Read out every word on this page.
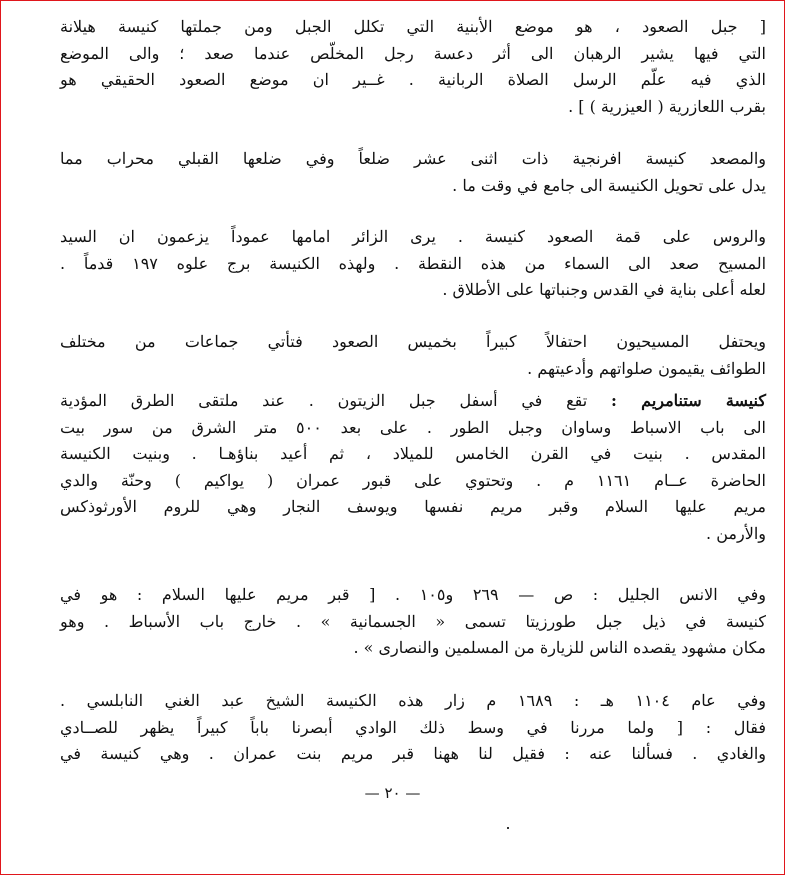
[ جبل الصعود ، هو موضع الأبنية التي تكلل الجبل ومن جملتها كنيسة هيلانة
التي فيها يشير الرهبان الى أثر دعسة رجل المخلّص عندما صعد ؛ والى الموضع
الذي فيه علّم الرسل الصلاة الربانية . غــير ان موضع الصعود الحقيقي هو
بقرب اللعازرية ( العيزرية ) ] .
والمصعد كنيسة افرنجية ذات اثنى عشر ضلعاً وفي ضلعها القبلي محراب مما
يدل على تحويل الكنيسة الى جامع في وقت ما .
والروس على قمة الصعود كنيسة . يرى الزائر امامها عموداً يزعمون ان السيد
المسيح صعد الى السماء من هذه النقطة . ولهذه الكنيسة برج علوه ١٩٧ قدماً .
لعله أعلى بناية في القدس وجنباتها على الأطلاق .
ويحتفل المسيحيون احتفالاً كبيراً بخميس الصعود فتأتي جماعات من مختلف
الطوائف يقيمون صلواتهم وأدعيتهم .
كنيسة ستنامريم : تقع في أسفل جبل الزيتون . عند ملتقى الطرق المؤدية
الى باب الاسباط وساوان وجبل الطور . على بعد ٥٠٠ متر الشرق من سور بيت
المقدس . بنيت في القرن الخامس للميلاد ، ثم أعيد بناؤهـا . وبنيت الكنيسة
الحاضرة عــام ١١٦١ م . وتحتوي على قبور عمران ( يواكيم ) وحنّة والدي
مريم عليها السلام وقبر مريم نفسها ويوسف النجار وهي للروم الأورثوذكس
والأرمن .
وفي الانس الجليل : ص — ٢٦٩ و١٠٥ . [ قبر مريم عليها السلام : هو في
كنيسة في ذيل جبل طورزيتا تسمى « الجسمانية » . خارج باب الأسباط . وهو
مكان مشهود يقصده الناس للزيارة من المسلمين والنصارى » .
وفي عام ١١٠٤ هـ : ١٦٨٩ م زار هذه الكنيسة الشيخ عبد الغني النابلسي .
فقال : [ ولما مررنا في وسط ذلك الوادي أبصرنا باباً كبيراً يظهر للصــادي
والغادي . فسألنا عنه : فقيل لنا ههنا قبر مريم بنت عمران . وهي كنيسة في
— ٢٠ —
